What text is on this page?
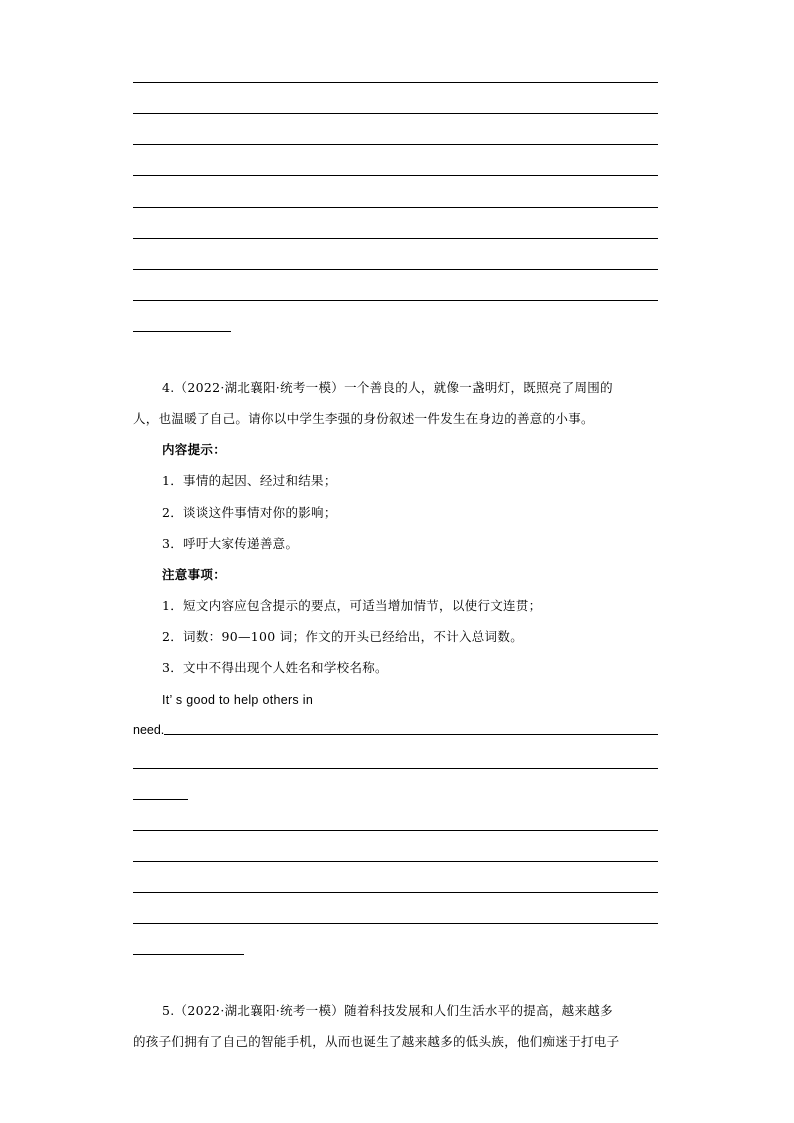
4.（2022·湖北襄阳·统考一模）一个善良的人，就像一盏明灯，既照亮了周围的
人，也温暖了自己。请你以中学生李强的身份叙述一件发生在身边的善意的小事。
内容提示：
1．事情的起因、经过和结果；
2．谈谈这件事情对你的影响；
3．呼吁大家传递善意。
注意事项：
1．短文内容应包含提示的要点，可适当增加情节，以使行文连贯；
2．词数：90—100 词；作文的开头已经给出，不计入总词数。
3．文中不得出现个人姓名和学校名称。
It’ s good to help others in
need.
5.（2022·湖北襄阳·统考一模）随着科技发展和人们生活水平的提高，越来越多
的孩子们拥有了自己的智能手机，从而也诞生了越来越多的低头族，他们痴迷于打电子
